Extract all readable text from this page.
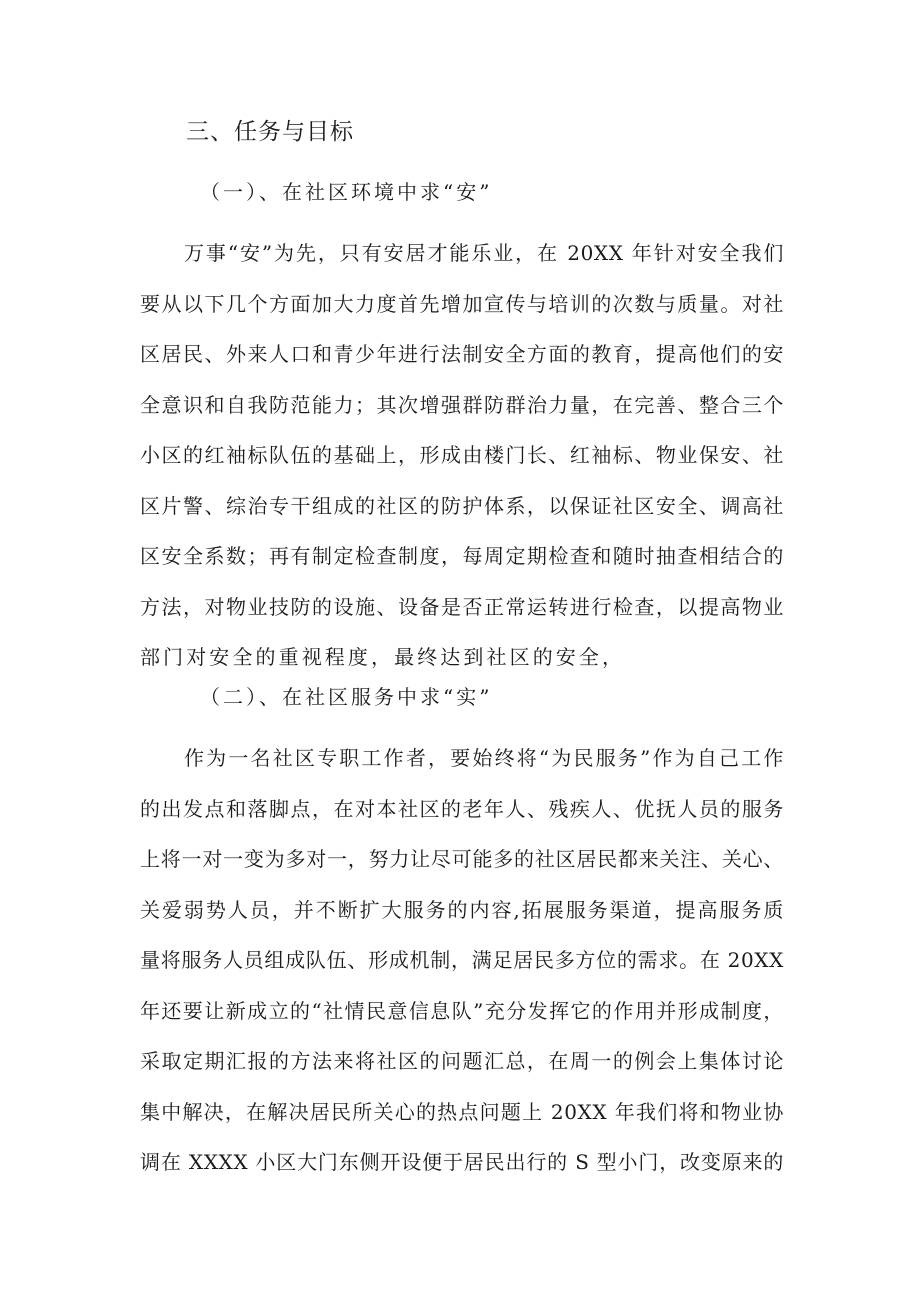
三、任务与目标
（一）、在社区环境中求“安”
万事“安”为先，只有安居才能乐业，在 20XX 年针对安全我们
要从以下几个方面加大力度首先增加宣传与培训的次数与质量。对社
区居民、外来人口和青少年进行法制安全方面的教育，提高他们的安
全意识和自我防范能力；其次增强群防群治力量，在完善、整合三个
小区的红袖标队伍的基础上，形成由楼门长、红袖标、物业保安、社
区片警、综治专干组成的社区的防护体系，以保证社区安全、调高社
区安全系数；再有制定检查制度，每周定期检查和随时抽查相结合的
方法，对物业技防的设施、设备是否正常运转进行检查，以提高物业
部门对安全的重视程度，最终达到社区的安全，
（二）、在社区服务中求“实”
作为一名社区专职工作者，要始终将“为民服务”作为自己工作
的出发点和落脚点，在对本社区的老年人、残疾人、优抚人员的服务
上将一对一变为多对一，努力让尽可能多的社区居民都来关注、关心、
关爱弱势人员，并不断扩大服务的内容,拓展服务渠道，提高服务质
量将服务人员组成队伍、形成机制，满足居民多方位的需求。在 20XX
年还要让新成立的“社情民意信息队”充分发挥它的作用并形成制度，
采取定期汇报的方法来将社区的问题汇总，在周一的例会上集体讨论
集中解决，在解决居民所关心的热点问题上 20XX 年我们将和物业协
调在 XXXX 小区大门东侧开设便于居民出行的 S 型小门，改变原来的
